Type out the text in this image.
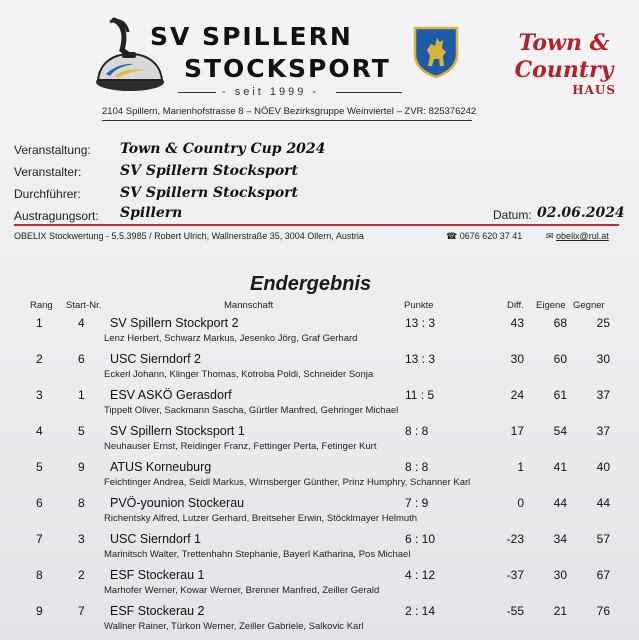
SV SPILLERN
STOCKSPORT
- seit 1999 -
Town &
Country
HAUS
2104 Spillern, Marienhofstrasse 8 – NÖEV Bezirksgruppe Weinviertel – ZVR: 825376242
Veranstaltung: Town & Country Cup 2024
Veranstalter:	SV Spillern Stocksport
Durchführer:	SV Spillern Stocksport
Austragungsort: Spillern	Datum: 02.06.2024
OBELIX Stockwertung - 5.5.3985 / Robert Ulrich, Wallnerstraße 35, 3004 Ollern, Austria	☎ 0676 620 37 41	✉ obelix@rul.at
Endergebnis
Rang Start-Nr.	Mannschaft	Punkte	Diff. Eigene Gegner
1	4 SV Spillern Stockport 2	13 : 3	43	68	25
Lenz Herbert, Schwarz Markus, Jesenko Jörg, Graf Gerhard
2	6 USC Sierndorf 2	13 : 3	30	60	30
Eckerl Johann, Klinger Thomas, Kotroba Poldi, Schneider Sonja
3	1 ESV ASKÖ Gerasdorf	11 : 5	24	61	37
Tippelt Oliver, Sackmann Sascha, Gürtler Manfred, Gehringer Michael
4	5 SV Spillern Stocksport 1	8 : 8	17	54	37
Neuhauser Ernst, Reidinger Franz, Fettinger Perta, Fetinger Kurt
5	9 ATUS Korneuburg	8 : 8	1	41	40
Feichtinger Andrea, Seidl Markus, Wirnsberger Günther, Prinz Humphry, Schanner Karl
6	8 PVÖ-younion Stockerau	7 : 9	0	44	44
Richentsky Alfred, Lutzer Gerhard, Breitseher Erwin, Stöcklmayer Helmuth
7	3 USC Sierndorf 1	6 : 10	-23	34	57
Marinitsch Walter, Trettenhahn Stephanie, Bayerl Katharina, Pos Michael
8	2 ESF Stockerau 1	4 : 12	-37	30	67
Marhofer Werner, Kowar Werner, Brenner Manfred, Zeiller Gerald
9	7 ESF Stockerau 2	2 : 14	-55	21	76
Wallner Rainer, Türkon Werner, Zeiller Gabriele, Salkovic Karl
